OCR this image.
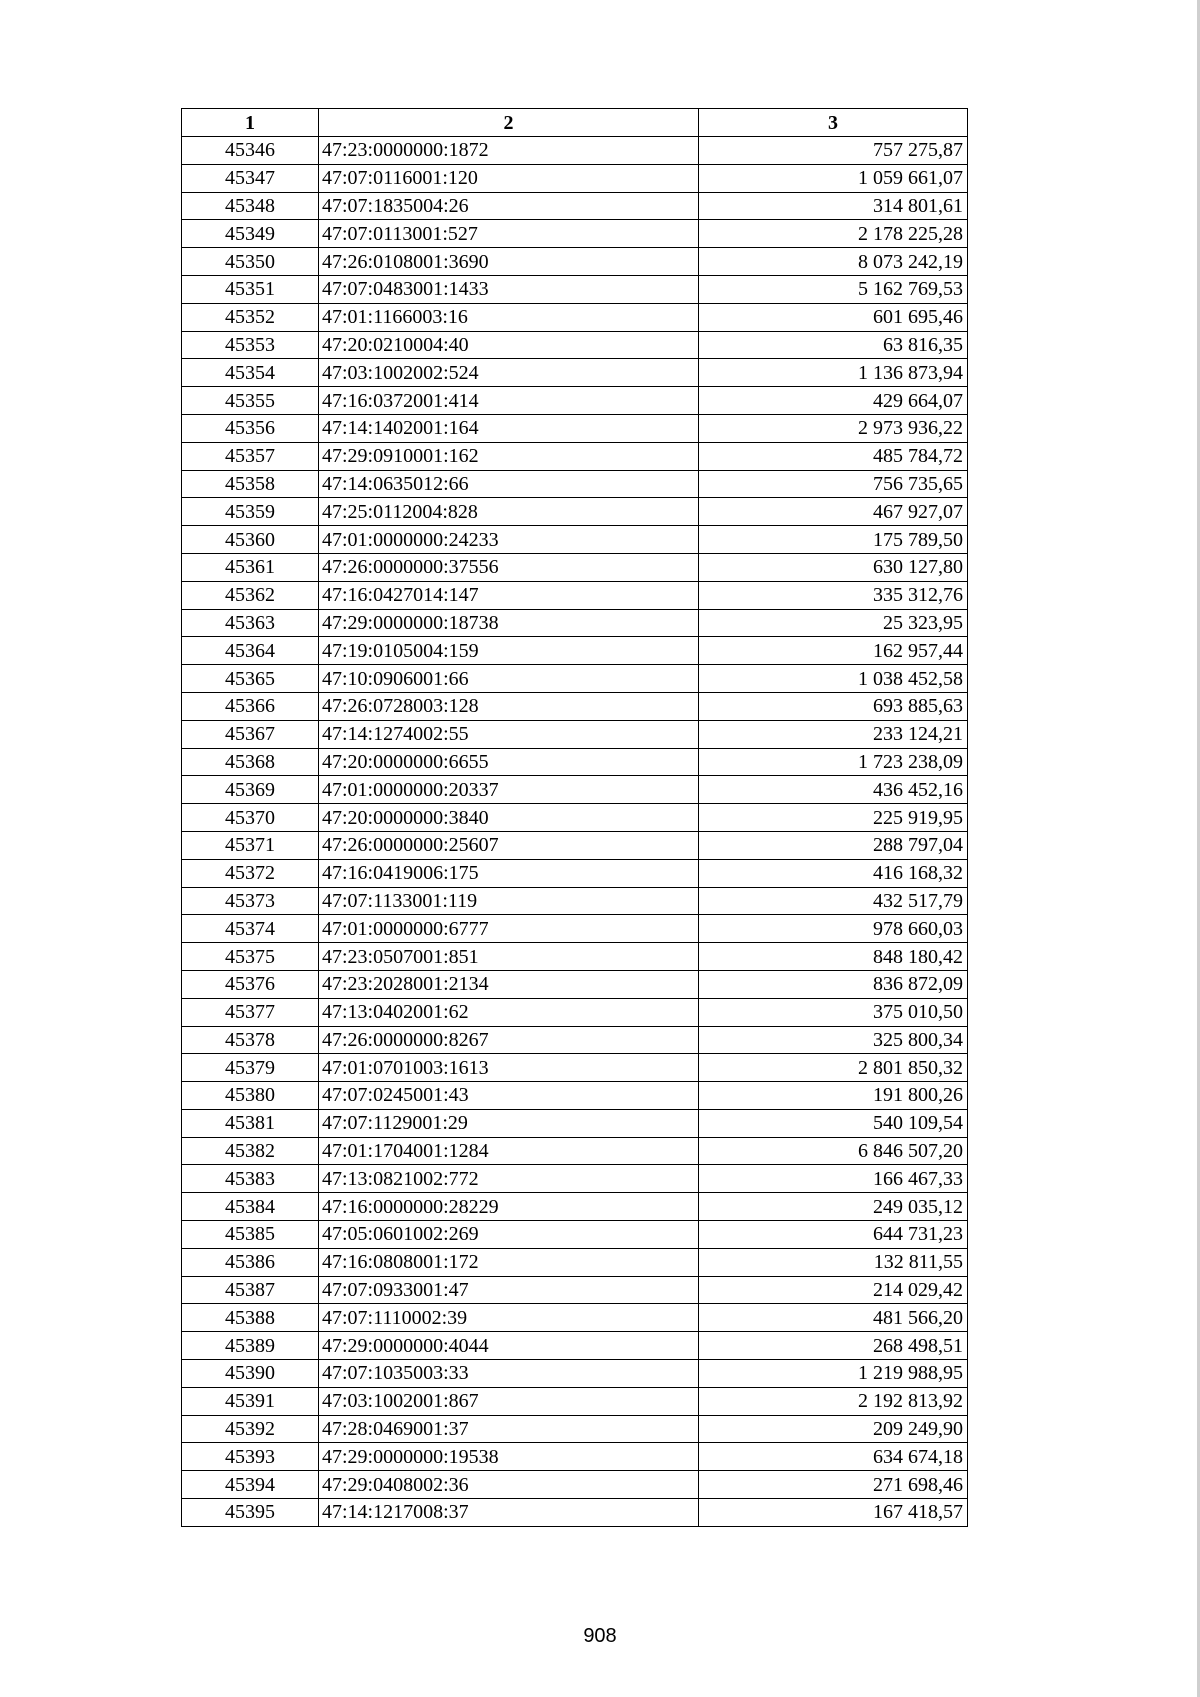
1	2	3
45346	47:23:0000000:1872	757 275,87
45347	47:07:0116001:120	1 059 661,07
45348	47:07:1835004:26	314 801,61
45349	47:07:0113001:527	2 178 225,28
45350	47:26:0108001:3690	8 073 242,19
45351	47:07:0483001:1433	5 162 769,53
45352	47:01:1166003:16	601 695,46
45353	47:20:0210004:40	63 816,35
45354	47:03:1002002:524	1 136 873,94
45355	47:16:0372001:414	429 664,07
45356	47:14:1402001:164	2 973 936,22
45357	47:29:0910001:162	485 784,72
45358	47:14:0635012:66	756 735,65
45359	47:25:0112004:828	467 927,07
45360	47:01:0000000:24233	175 789,50
45361	47:26:0000000:37556	630 127,80
45362	47:16:0427014:147	335 312,76
45363	47:29:0000000:18738	25 323,95
45364	47:19:0105004:159	162 957,44
45365	47:10:0906001:66	1 038 452,58
45366	47:26:0728003:128	693 885,63
45367	47:14:1274002:55	233 124,21
45368	47:20:0000000:6655	1 723 238,09
45369	47:01:0000000:20337	436 452,16
45370	47:20:0000000:3840	225 919,95
45371	47:26:0000000:25607	288 797,04
45372	47:16:0419006:175	416 168,32
45373	47:07:1133001:119	432 517,79
45374	47:01:0000000:6777	978 660,03
45375	47:23:0507001:851	848 180,42
45376	47:23:2028001:2134	836 872,09
45377	47:13:0402001:62	375 010,50
45378	47:26:0000000:8267	325 800,34
45379	47:01:0701003:1613	2 801 850,32
45380	47:07:0245001:43	191 800,26
45381	47:07:1129001:29	540 109,54
45382	47:01:1704001:1284	6 846 507,20
45383	47:13:0821002:772	166 467,33
45384	47:16:0000000:28229	249 035,12
45385	47:05:0601002:269	644 731,23
45386	47:16:0808001:172	132 811,55
45387	47:07:0933001:47	214 029,42
45388	47:07:1110002:39	481 566,20
45389	47:29:0000000:4044	268 498,51
45390	47:07:1035003:33	1 219 988,95
45391	47:03:1002001:867	2 192 813,92
45392	47:28:0469001:37	209 249,90
45393	47:29:0000000:19538	634 674,18
45394	47:29:0408002:36	271 698,46
45395	47:14:1217008:37	167 418,57
908
